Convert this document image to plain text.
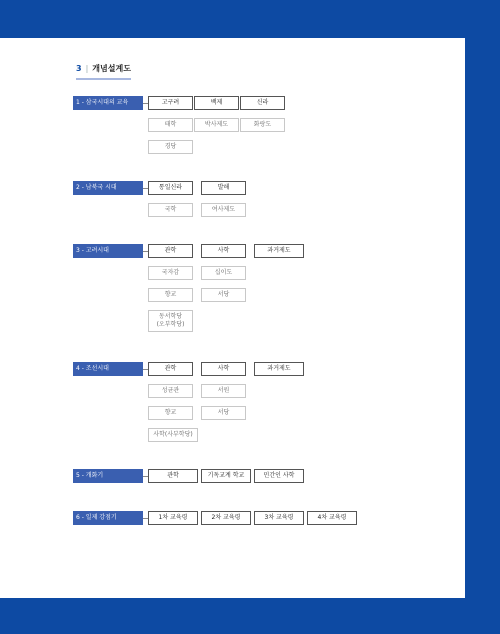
3 | 개념설계도
1 - 삼국시대의 교육	고구려	백제	신라
태학	박사제도	화랑도
경당
2 - 남북국 시대	통일신라	발해
국학	여사제도
3 - 고려시대	관학	사학	과거제도
국자감	십이도
향교	서당
동서학당
(오부학당)
4 - 조선시대	관학	사학	과거제도
성균관	서원
향교	서당
사학(사부학당)
5 - 개화기	관학	기독교계 학교	민간인 사학
6 - 일제 강점기	1차 교육령	2차 교육령	3차 교육령	4차 교육령
